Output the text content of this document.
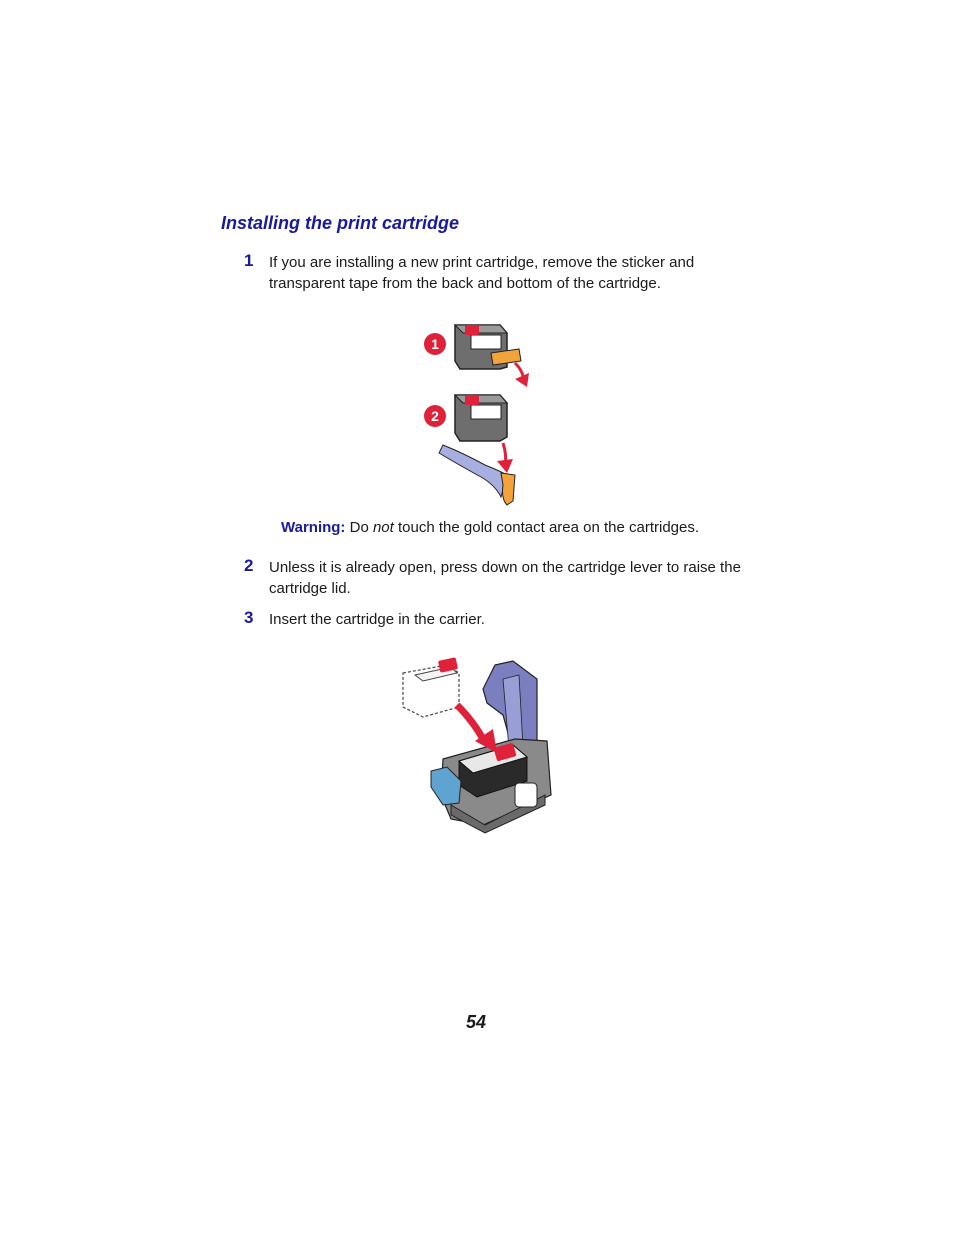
Installing the print cartridge
1 If you are installing a new print cartridge, remove the sticker and transparent tape from the back and bottom of the cartridge.
1
2
Warning: Do not touch the gold contact area on the cartridges.
2 Unless it is already open, press down on the cartridge lever to raise the cartridge lid.
3 Insert the cartridge in the carrier.
54
